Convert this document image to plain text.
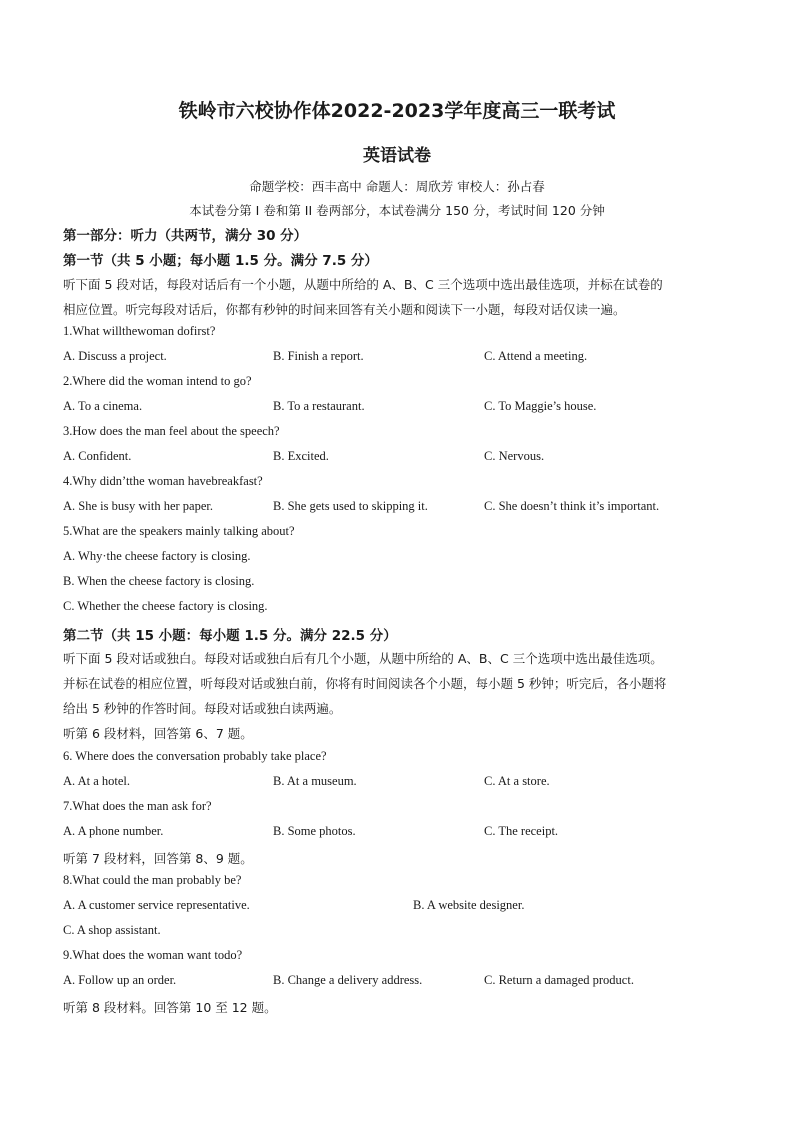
铁岭市六校协作体2022-2023学年度高三一联考试
英语试卷
命题学校：西丰高中 命题人：周欣芳 审校人：孙占春
本试卷分第 I 卷和第 II 卷两部分，本试卷满分 150 分，考试时间 120 分钟
第一部分：听力（共两节，满分 30 分）
第一节（共 5 小题；每小题 1.5 分。满分 7.5 分）
听下面 5 段对话，每段对话后有一个小题，从题中所给的 A、B、C 三个选项中选出最佳选项，并标在试卷的
相应位置。听完每段对话后，你都有秒钟的时间来回答有关小题和阅读下一小题，每段对话仅读一遍。
1.What willthewoman dofirst?
A. Discuss a project.	B. Finish a report.	C. Attend a meeting.
2.Where did the woman intend to go?
A. To a cinema.	B. To a restaurant.	C. To Maggie’s house.
3.How does the man feel about the speech?
A. Confident.	B. Excited.	C. Nervous.
4.Why didn’tthe woman havebreakfast?
A. She is busy with her paper.	B. She gets used to skipping it.	C. She doesn’t think it’s important.
5.What are the speakers mainly talking about?
A. Why·the cheese factory is closing.
B. When the cheese factory is closing.
C. Whether the cheese factory is closing.
第二节（共 15 小题：每小题 1.5 分。满分 22.5 分）
听下面 5 段对话或独白。每段对话或独白后有几个小题，从题中所给的 A、B、C 三个选项中选出最佳选项。
并标在试卷的相应位置，听每段对话或独白前，你将有时间阅读各个小题，每小题 5 秒钟；听完后，各小题将
给出 5 秒钟的作答时间。每段对话或独白读两遍。
听第 6 段材料，回答第 6、7 题。
6. Where does the conversation probably take place?
A. At a hotel.	B. At a museum.	C. At a store.
7.What does the man ask for?
A. A phone number.	B. Some photos.	C. The receipt.
听第 7 段材料，回答第 8、9 题。
8.What could the man probably be?
A. A customer service representative.	B. A website designer.
C. A shop assistant.
9.What does the woman want todo?
A. Follow up an order.	B. Change a delivery address.	C. Return a damaged product.
听第 8 段材料。回答第 10 至 12 题。
